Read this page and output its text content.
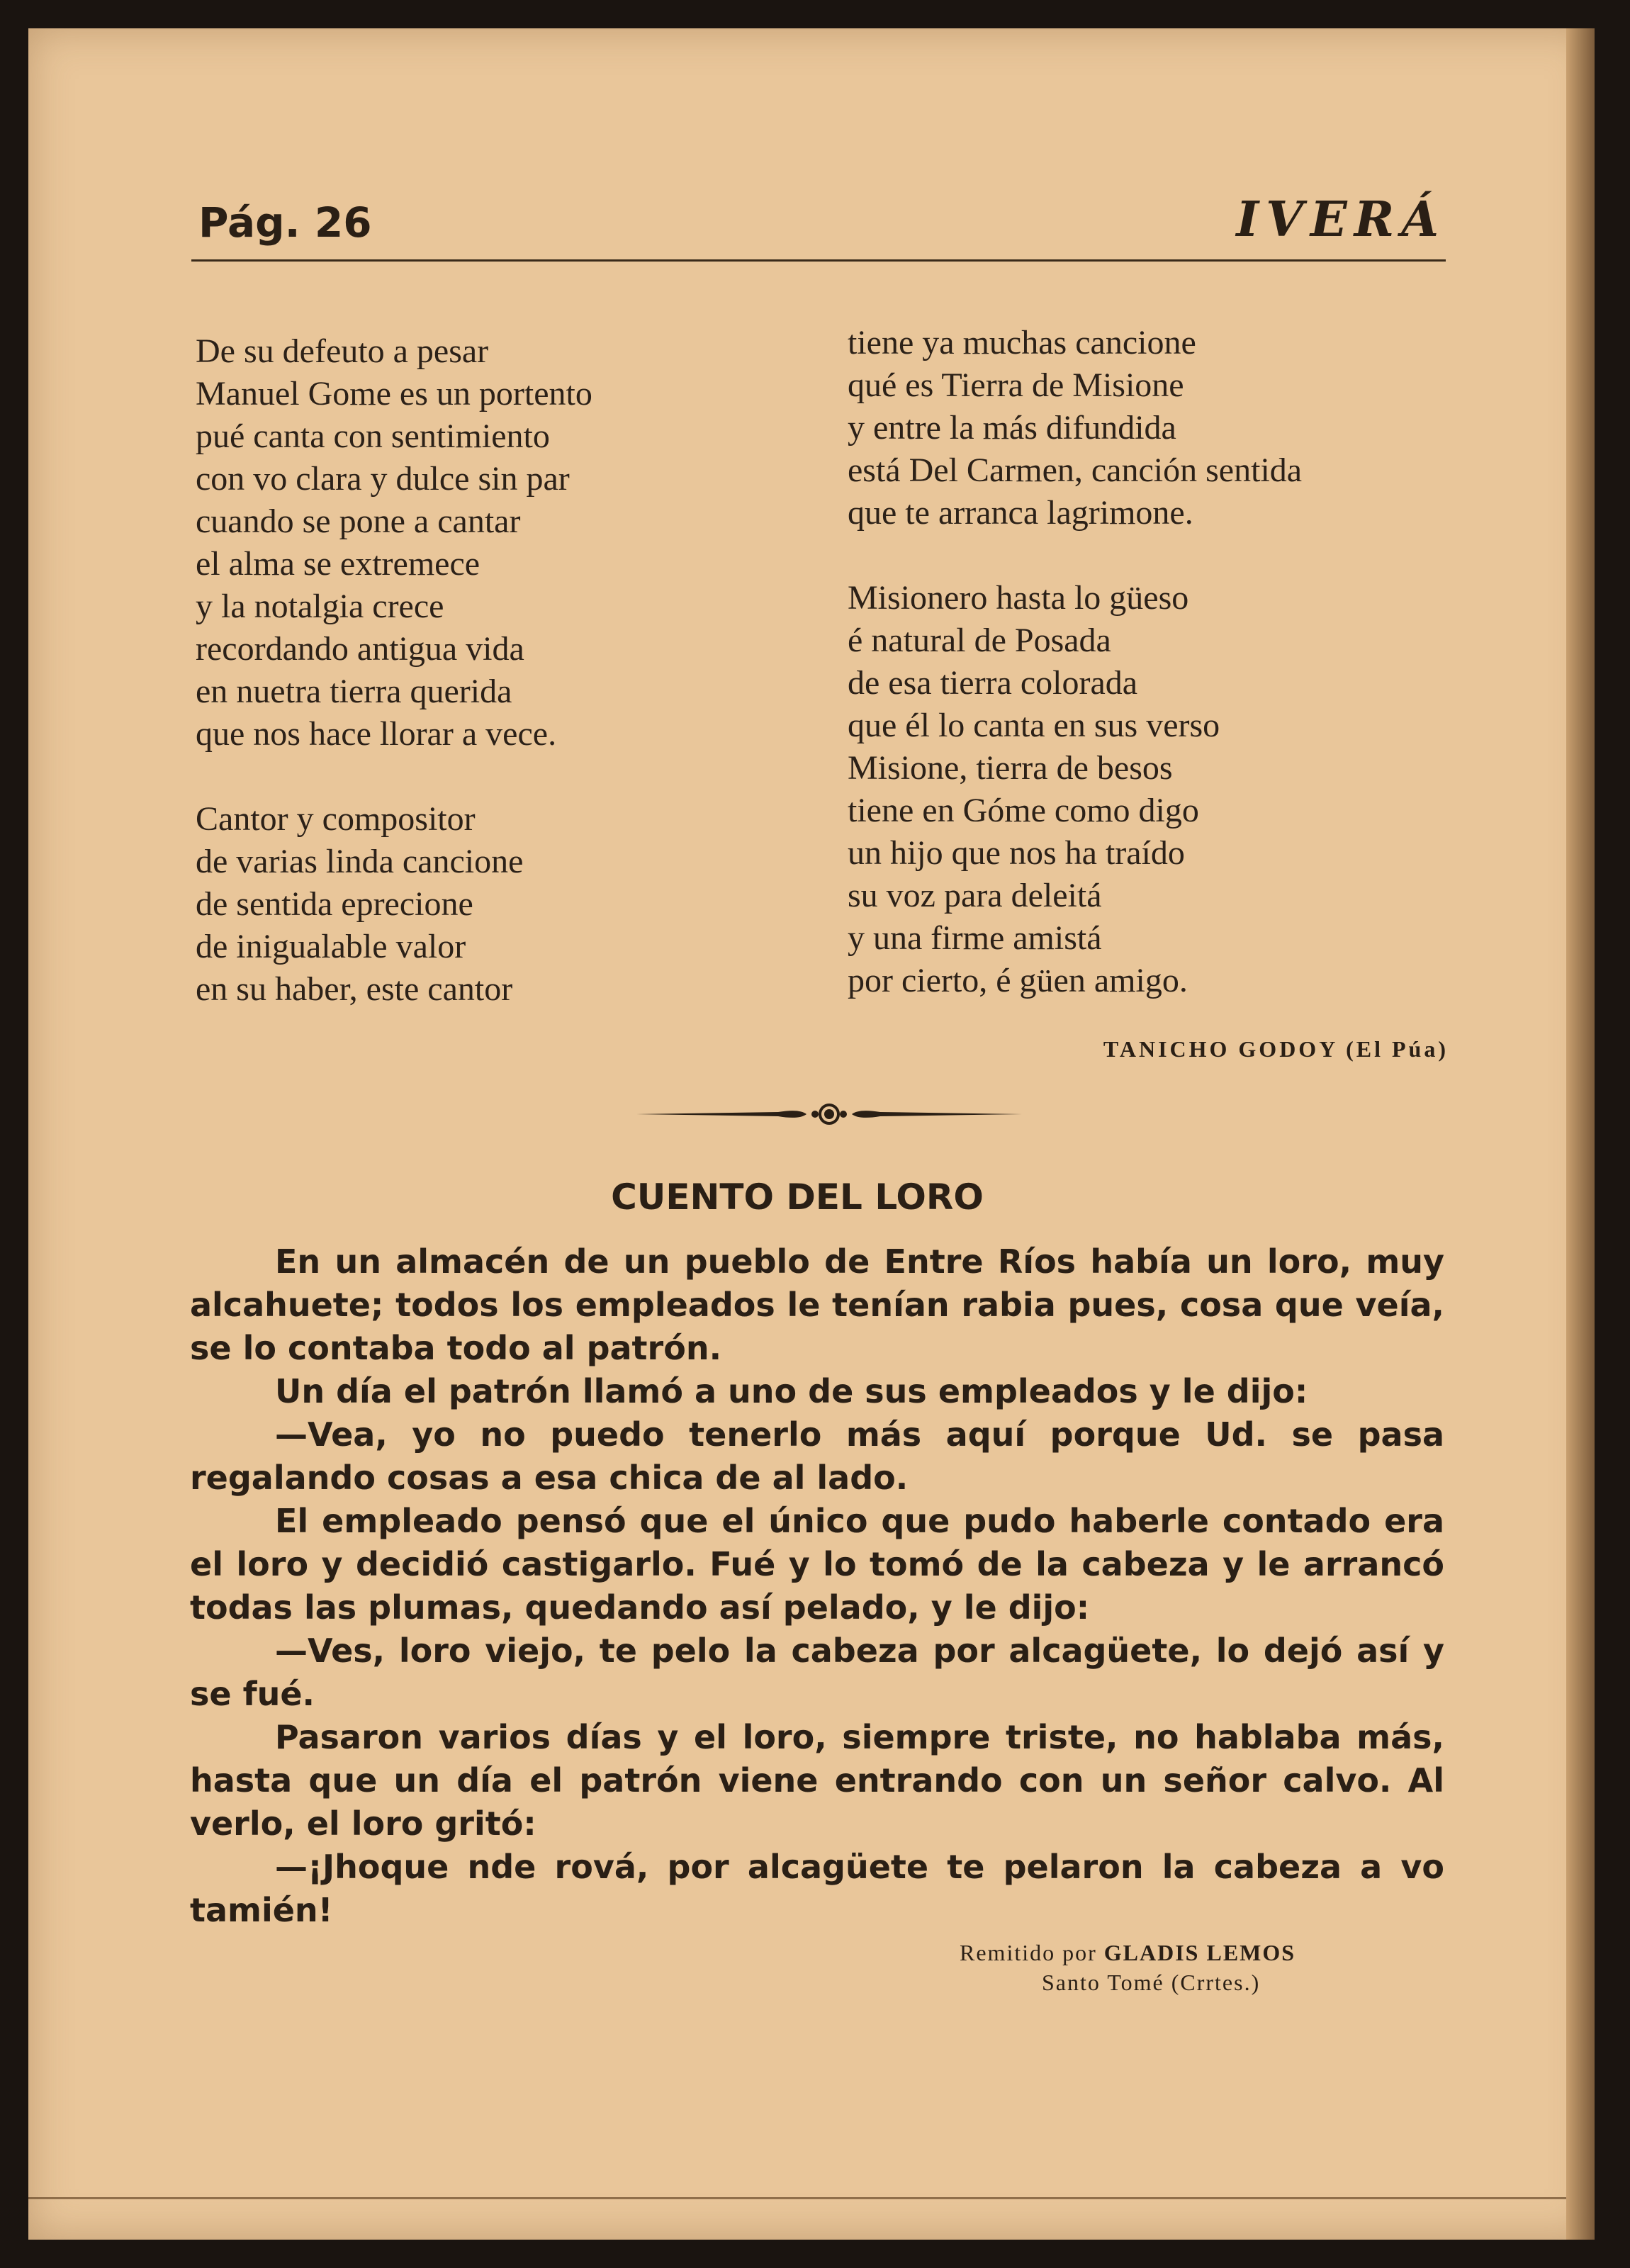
Pág. 26	IVERÁ
De su defeuto a pesar
Manuel Gome es un portento
pué canta con sentimiento
con vo clara y dulce sin par
cuando se pone a cantar
el alma se extremece
y la notalgia crece
recordando antigua vida
en nuetra tierra querida
que nos hace llorar a vece.
Cantor y compositor
de varias linda cancione
de sentida eprecione
de inigualable valor
en su haber, este cantor
tiene ya muchas cancione
qué es Tierra de Misione
y entre la más difundida
está Del Carmen, canción sentida
que te arranca lagrimone.
Misionero hasta lo güeso
é natural de Posada
de esa tierra colorada
que él lo canta en sus verso
Misione, tierra de besos
tiene en Góme como digo
un hijo que nos ha traído
su voz para deleitá
y una firme amistá
por cierto, é güen amigo.
TANICHO GODOY (El Púa)
CUENTO DEL LORO

En un almacén de un pueblo de Entre Ríos había un loro, muy alcahuete; todos los empleados le tenían rabia pues, cosa que veía, se lo contaba todo al patrón.

Un día el patrón llamó a uno de sus empleados y le dijo:

—Vea, yo no puedo tenerlo más aquí porque Ud. se pasa regalando cosas a esa chica de al lado.

El empleado pensó que el único que pudo haberle contado era el loro y decidió castigarlo. Fué y lo tomó de la cabeza y le arrancó todas las plumas, quedando así pelado, y le dijo:

—Ves, loro viejo, te pelo la cabeza por alcagüete, lo dejó así y se fué.

Pasaron varios días y el loro, siempre triste, no hablaba más, hasta que un día el patrón viene entrando con un señor calvo. Al verlo, el loro gritó:

—¡Jhoque nde rová, por alcagüete te pelaron la cabeza a vo tamién!

Remitido por GLADIS LEMOS
Santo Tomé (Crrtes.)
